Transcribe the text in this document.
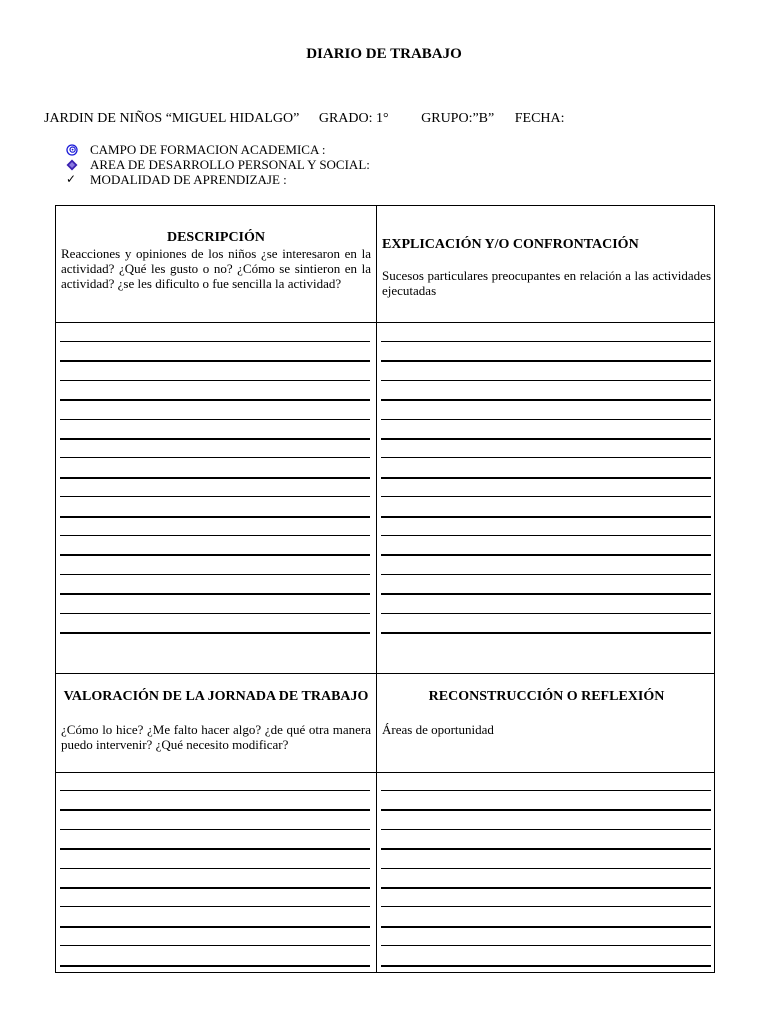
DIARIO DE TRABAJO
JARDIN DE NIÑOS “MIGUEL HIDALGO” GRADO: 1° GRUPO:”B” FECHA:
CAMPO DE FORMACION ACADEMICA :
AREA DE DESARROLLO PERSONAL Y SOCIAL:
✓	MODALIDAD DE APRENDIZAJE :
DESCRIPCIÓN
Reacciones y opiniones de los niños ¿se interesaron en la actividad? ¿Qué les gusto o no? ¿Cómo se sintieron en la actividad? ¿se les dificulto o fue sencilla la actividad?
EXPLICACIÓN Y/O CONFRONTACIÓN
Sucesos particulares preocupantes en relación a las actividades ejecutadas
VALORACIÓN DE LA JORNADA DE TRABAJO
¿Cómo lo hice? ¿Me falto hacer algo? ¿de qué otra manera puedo intervenir? ¿Qué necesito modificar?
RECONSTRUCCIÓN O REFLEXIÓN
Áreas de oportunidad
